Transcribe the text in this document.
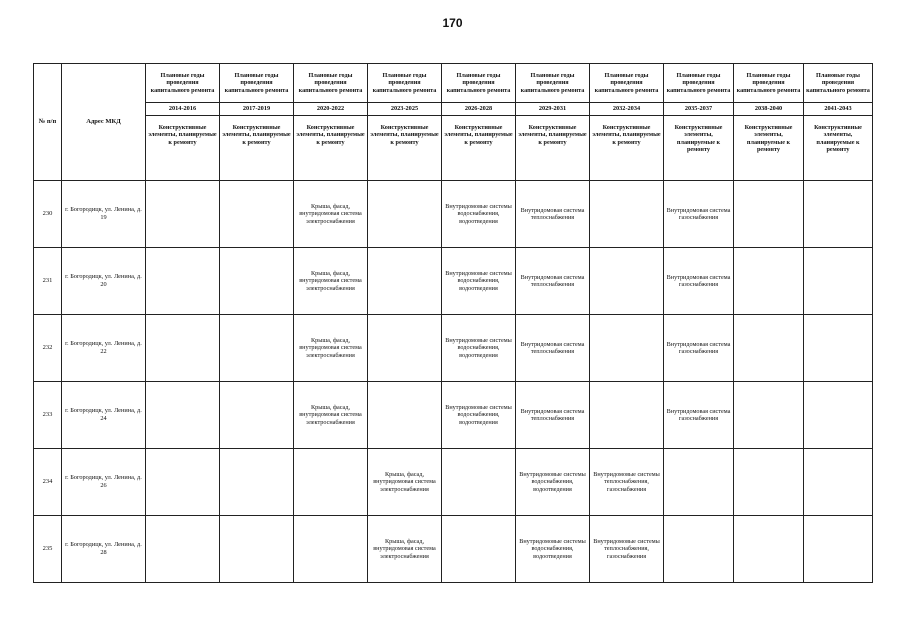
170
№ п/п	Адрес МКД	Плановые годы проведения капитального ремонта	Плановые годы проведения капитального ремонта	Плановые годы проведения капитального ремонта	Плановые годы проведения капитального ремонта	Плановые годы проведения капитального ремонта	Плановые годы проведения капитального ремонта	Плановые годы проведения капитального ремонта	Плановые годы проведения капитального ремонта	Плановые годы проведения капитального ремонта	Плановые годы проведения капитального ремонта
		2014-2016	2017-2019	2020-2022	2023-2025	2026-2028	2029-2031	2032-2034	2035-2037	2038-2040	2041-2043
		Конструктивные элементы, планируемые к ремонту	Конструктивные элементы, планируемые к ремонту	Конструктивные элементы, планируемые к ремонту	Конструктивные элементы, планируемые к ремонту	Конструктивные элементы, планируемые к ремонту	Конструктивные элементы, планируемые к ремонту	Конструктивные элементы, планируемые к ремонту	Конструктивные элементы, планируемые к ремонту	Конструктивные элементы, планируемые к ремонту	Конструктивные элементы, планируемые к ремонту
230	г. Богородицк, ул. Ленина, д. 19			Крыша, фасад, внутридомовая система электроснабжения		Внутридомовые системы водоснабжения, водоотведения	Внутридомовая система теплоснабжения		Внутридомовая система газоснабжения		
231	г. Богородицк, ул. Ленина, д. 20			Крыша, фасад, внутридомовая система электроснабжения		Внутридомовые системы водоснабжения, водоотведения	Внутридомовая система теплоснабжения		Внутридомовая система газоснабжения		
232	г. Богородицк, ул. Ленина, д. 22			Крыша, фасад, внутридомовая система электроснабжения		Внутридомовые системы водоснабжения, водоотведения	Внутридомовая система теплоснабжения		Внутридомовая система газоснабжения		
233	г. Богородицк, ул. Ленина, д. 24			Крыша, фасад, внутридомовая система электроснабжения		Внутридомовые системы водоснабжения, водоотведения	Внутридомовая система теплоснабжения		Внутридомовая система газоснабжения		
234	г. Богородицк, ул. Ленина, д. 26				Крыша, фасад, внутридомовая система электроснабжения		Внутридомовые системы водоснабжения, водоотведения	Внутридомовые системы теплоснабжения, газоснабжения			
235	г. Богородицк, ул. Ленина, д. 28				Крыша, фасад, внутридомовая система электроснабжения		Внутридомовые системы водоснабжения, водоотведения	Внутридомовые системы теплоснабжения, газоснабжения			
